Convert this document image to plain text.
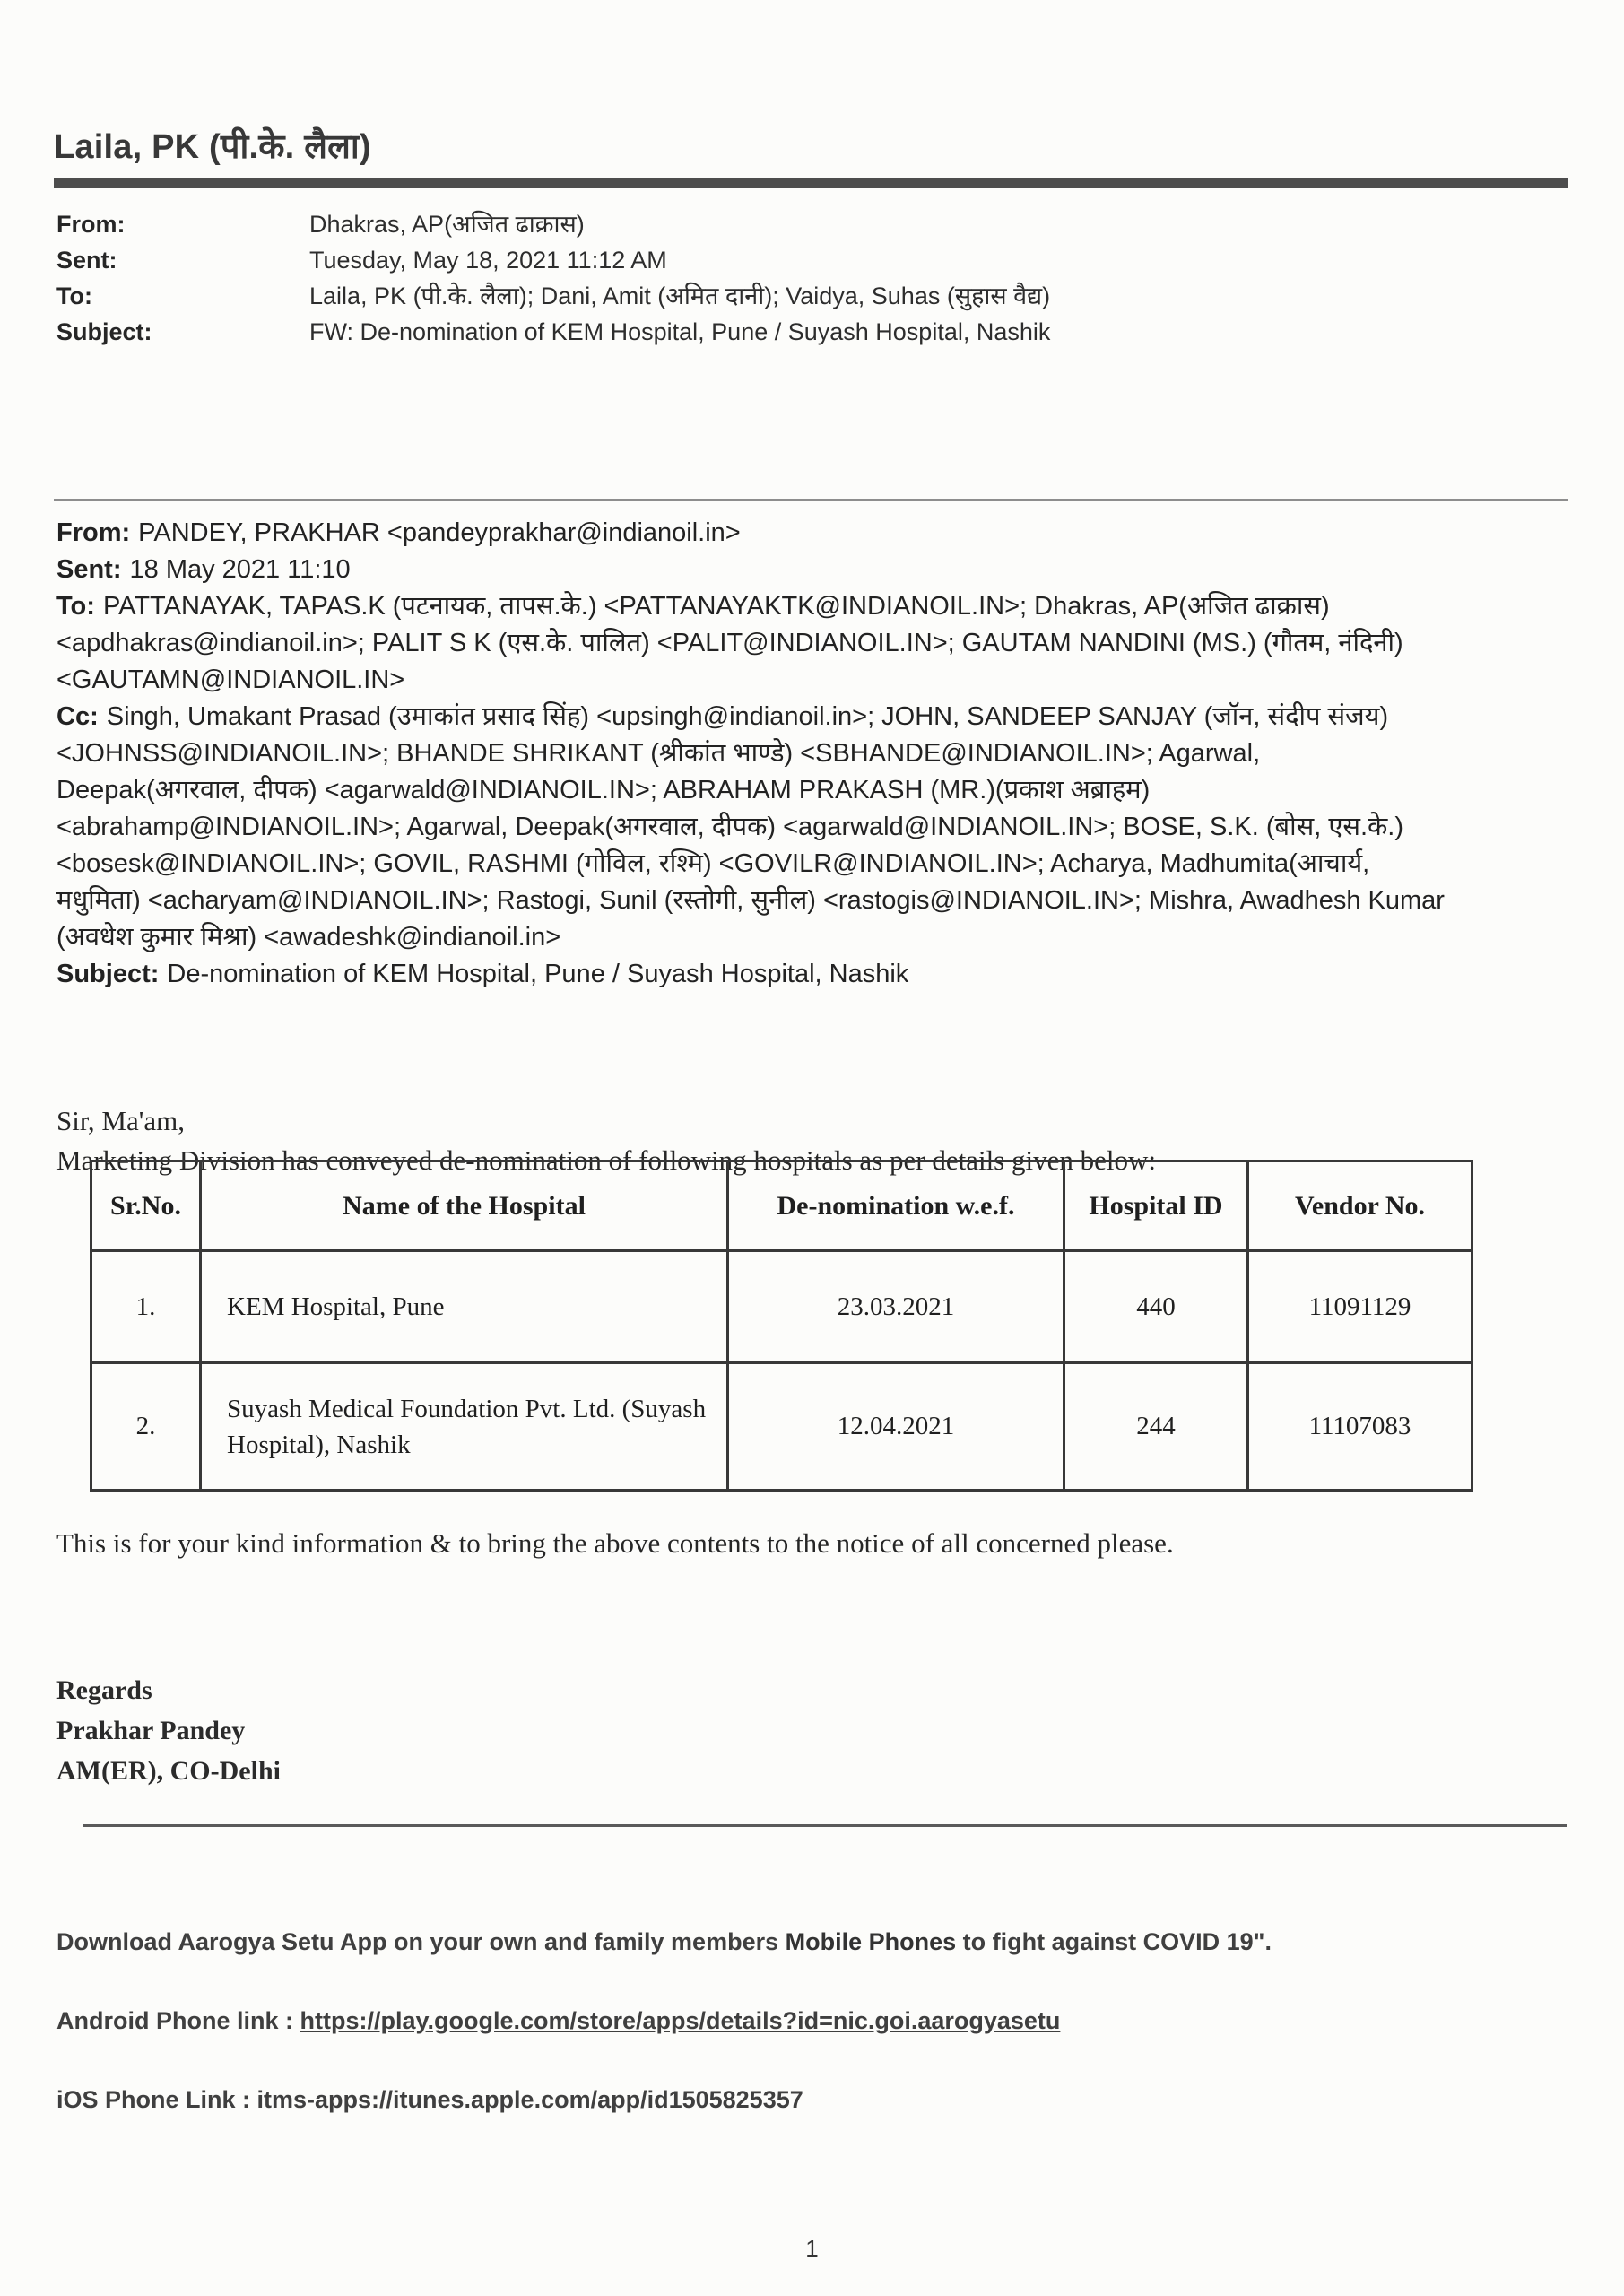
Laila, PK (पी.के. लैला)
From:	Dhakras, AP(अजित ढाक्रास)
Sent:	Tuesday, May 18, 2021 11:12 AM
To:	Laila, PK (पी.के. लैला); Dani, Amit (अमित दानी); Vaidya, Suhas (सुहास वैद्य)
Subject:	FW: De-nomination of KEM Hospital, Pune / Suyash Hospital, Nashik

From: PANDEY, PRAKHAR <pandeyprakhar@indianoil.in>

Sent: 18 May 2021 11:10

To: PATTANAYAK, TAPAS.K (पटनायक, तापस.के.) <PATTANAYAKTK@INDIANOIL.IN>; Dhakras, AP(अजित ढाक्रास) <apdhakras@indianoil.in>; PALIT S K (एस.के. पालित) <PALIT@INDIANOIL.IN>; GAUTAM NANDINI (MS.) (गौतम, नंदिनी) <GAUTAMN@INDIANOIL.IN>

Cc: Singh, Umakant Prasad (उमाकांत प्रसाद सिंह) <upsingh@indianoil.in>; JOHN, SANDEEP SANJAY (जॉन, संदीप संजय) <JOHNSS@INDIANOIL.IN>; BHANDE SHRIKANT (श्रीकांत भाण्डे) <SBHANDE@INDIANOIL.IN>; Agarwal, Deepak(अगरवाल, दीपक) <agarwald@INDIANOIL.IN>; ABRAHAM PRAKASH (MR.)(प्रकाश अब्राहम) <abrahamp@INDIANOIL.IN>; Agarwal, Deepak(अगरवाल, दीपक) <agarwald@INDIANOIL.IN>; BOSE, S.K. (बोस, एस.के.) <bosesk@INDIANOIL.IN>; GOVIL, RASHMI (गोविल, रश्मि) <GOVILR@INDIANOIL.IN>; Acharya, Madhumita(आचार्य, मधुमिता) <acharyam@INDIANOIL.IN>; Rastogi, Sunil (रस्तोगी, सुनील) <rastogis@INDIANOIL.IN>; Mishra, Awadhesh Kumar (अवधेश कुमार मिश्रा) <awadeshk@indianoil.in>

Subject: De-nomination of KEM Hospital, Pune / Suyash Hospital, Nashik

Sir, Ma'am,
Marketing Division has conveyed de-nomination of following hospitals as per details given below:
Sr.No.	Name of the Hospital	De-nomination w.e.f.	Hospital ID	Vendor No.
1.	KEM Hospital, Pune	23.03.2021	440	11091129
2.	Suyash Medical Foundation Pvt. Ltd. (Suyash Hospital), Nashik	12.04.2021	244	11107083
This is for your kind information & to bring the above contents to the notice of all concerned please.
Regards
Prakhar Pandey
AM(ER), CO-Delhi
Download Aarogya Setu App on your own and family members Mobile Phones to fight against COVID 19".
Android Phone link : https://play.google.com/store/apps/details?id=nic.goi.aarogyasetu
iOS Phone Link : itms-apps://itunes.apple.com/app/id1505825357
1
